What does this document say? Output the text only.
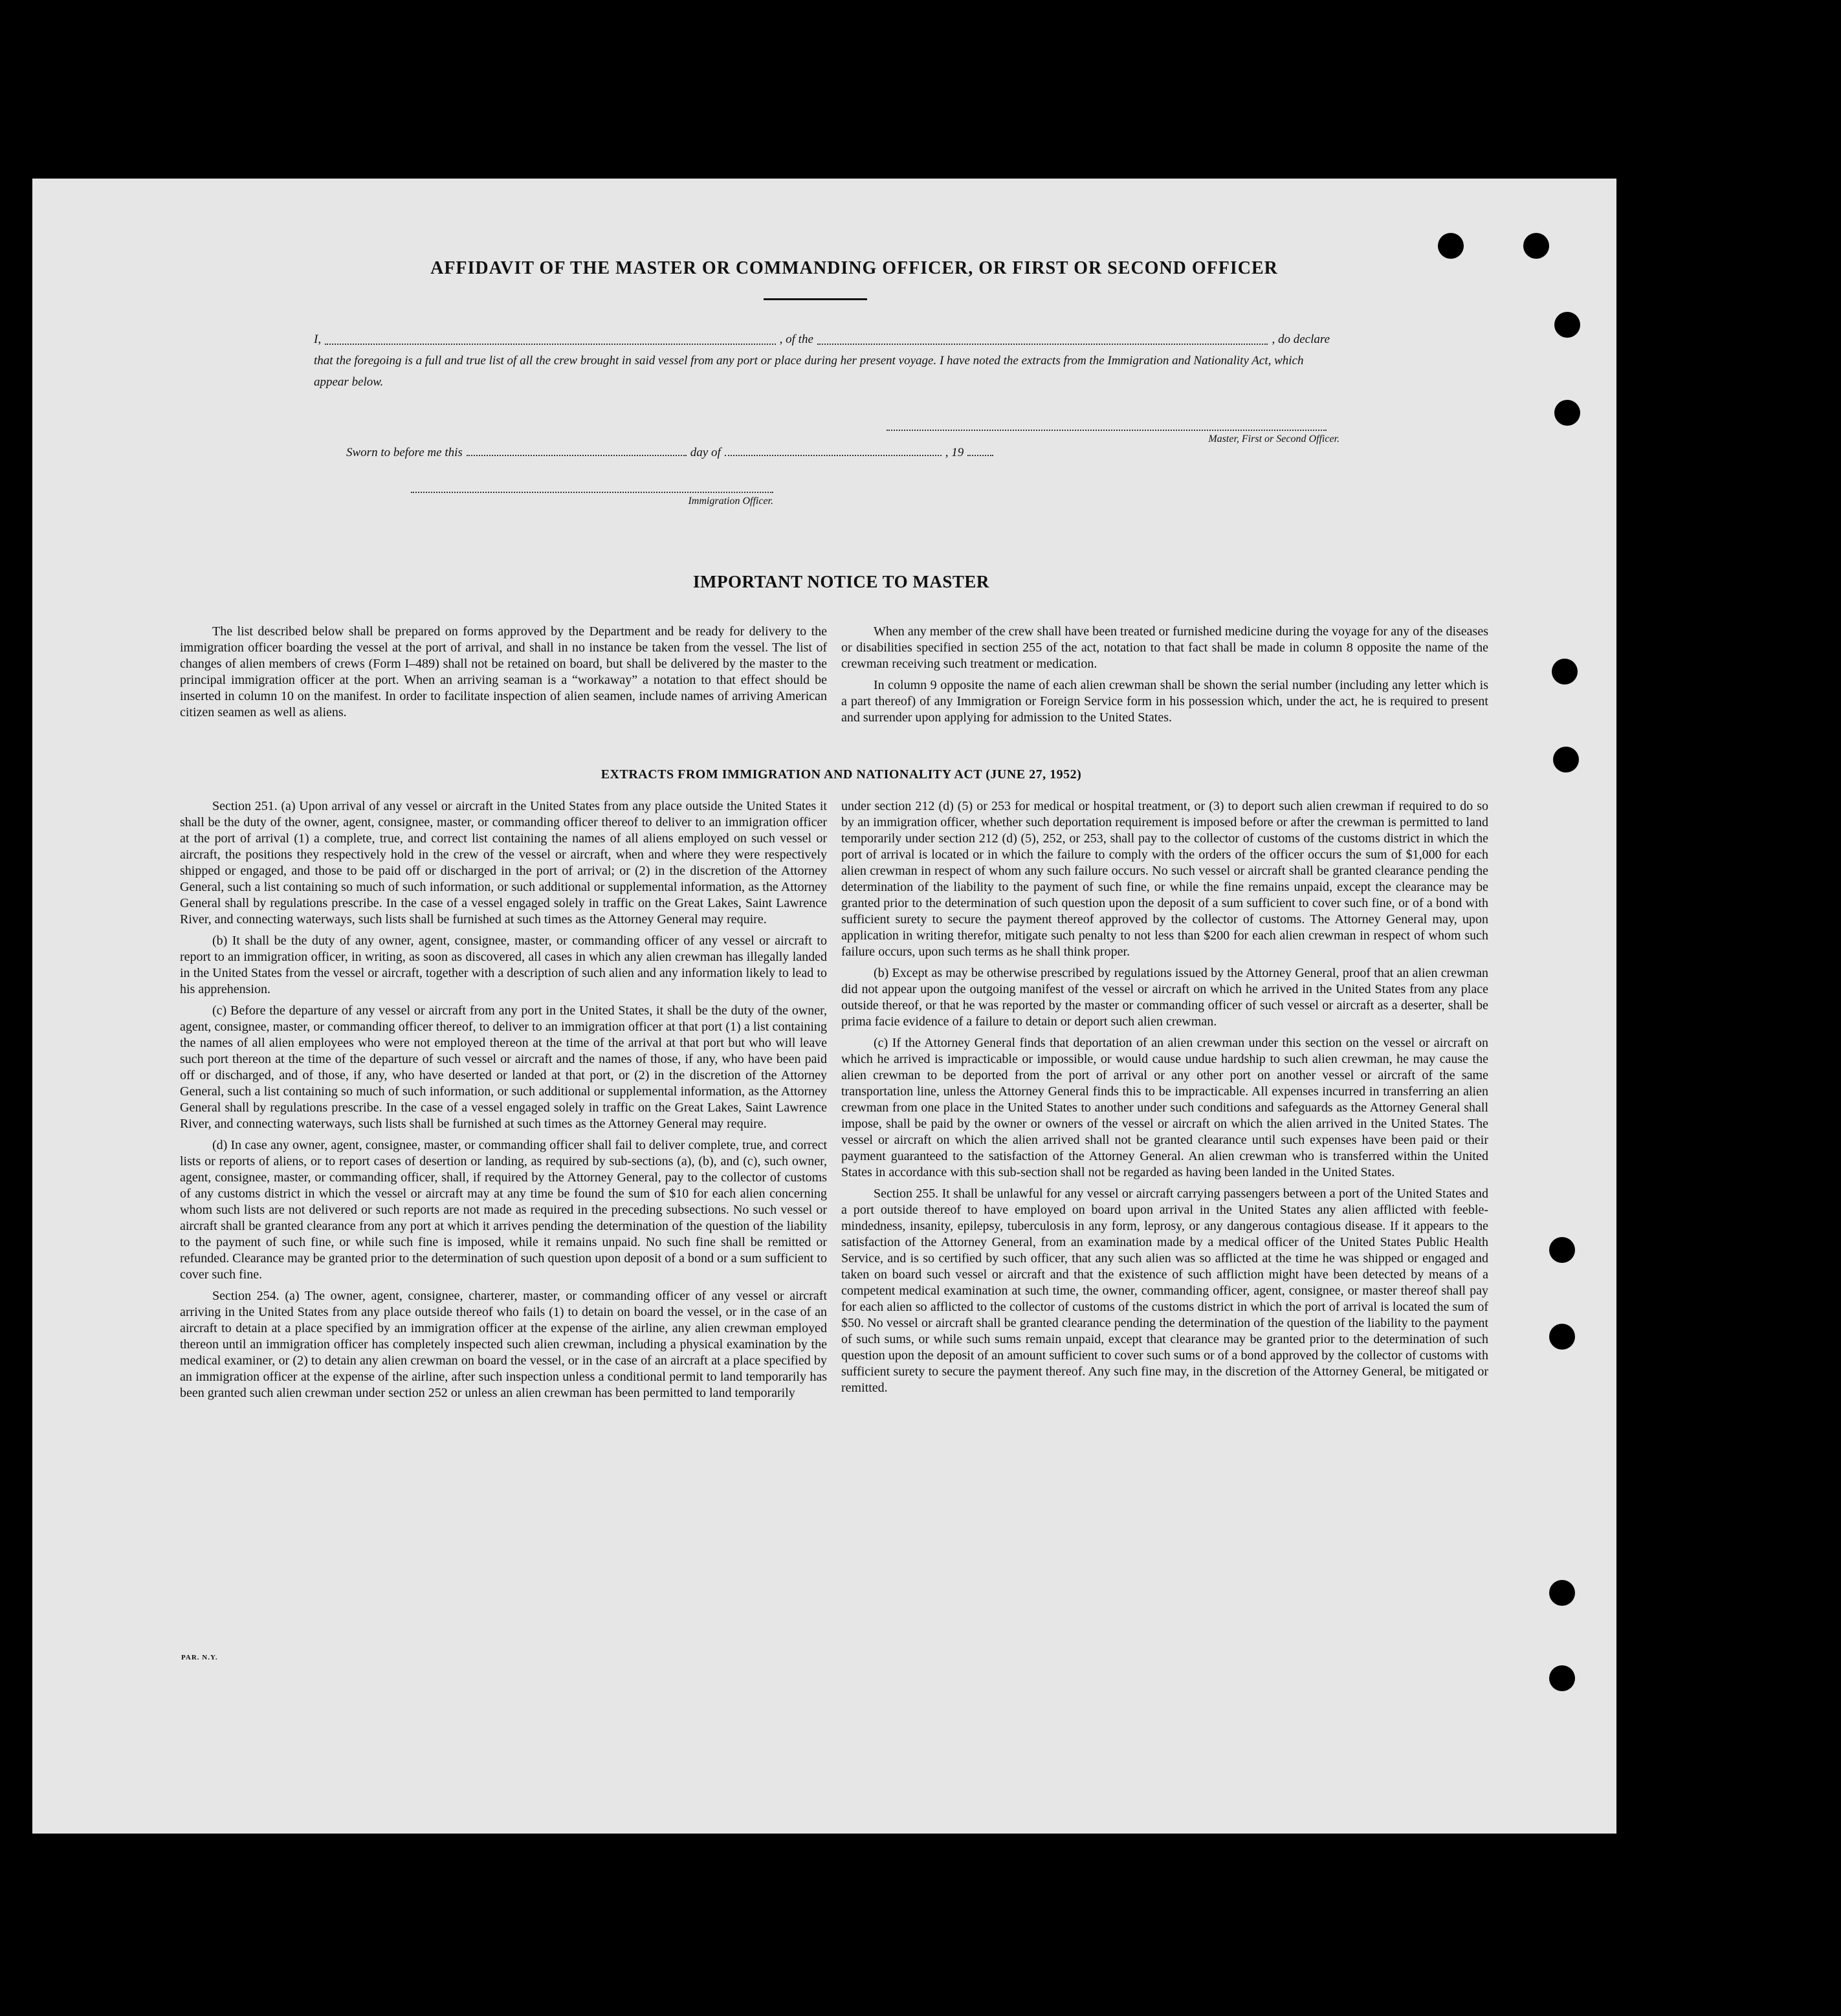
AFFIDAVIT OF THE MASTER OR COMMANDING OFFICER, OR FIRST OR SECOND OFFICER
I,	, of the	, do declare
that the foregoing is a full and true list of all the crew brought in said vessel from any port or place during her present voyage. I have noted the extracts from the Immigration and Nationality Act, which appear below.
Master, First or Second Officer.
Sworn to before me this	day of	, 19
Immigration Officer.
IMPORTANT NOTICE TO MASTER

The list described below shall be prepared on forms approved by the Department and be ready for delivery to the immigration officer boarding the vessel at the port of arrival, and shall in no instance be taken from the vessel. The list of changes of alien members of crews (Form I–489) shall not be retained on board, but shall be delivered by the master to the principal immigration officer at the port. When an arriving seaman is a “workaway” a notation to that effect should be inserted in column 10 on the manifest. In order to facilitate inspection of alien seamen, include names of arriving American citizen seamen as well as aliens.

When any member of the crew shall have been treated or furnished medicine during the voyage for any of the diseases or disabilities specified in section 255 of the act, notation to that fact shall be made in column 8 opposite the name of the crewman receiving such treatment or medication.

In column 9 opposite the name of each alien crewman shall be shown the serial number (including any letter which is a part thereof) of any Immigration or Foreign Service form in his possession which, under the act, he is required to present and surrender upon applying for admission to the United States.

EXTRACTS FROM IMMIGRATION AND NATIONALITY ACT (JUNE 27, 1952)

Section 251. (a) Upon arrival of any vessel or aircraft in the United States from any place outside the United States it shall be the duty of the owner, agent, consignee, master, or commanding officer thereof to deliver to an immigration officer at the port of arrival (1) a complete, true, and correct list containing the names of all aliens employed on such vessel or aircraft, the positions they respectively hold in the crew of the vessel or aircraft, when and where they were respectively shipped or engaged, and those to be paid off or discharged in the port of arrival; or (2) in the discretion of the Attorney General, such a list containing so much of such information, or such additional or supplemental information, as the Attorney General shall by regulations prescribe. In the case of a vessel engaged solely in traffic on the Great Lakes, Saint Lawrence River, and connecting waterways, such lists shall be furnished at such times as the Attorney General may require.

(b) It shall be the duty of any owner, agent, consignee, master, or commanding officer of any vessel or aircraft to report to an immigration officer, in writing, as soon as discovered, all cases in which any alien crewman has illegally landed in the United States from the vessel or aircraft, together with a description of such alien and any information likely to lead to his apprehension.

(c) Before the departure of any vessel or aircraft from any port in the United States, it shall be the duty of the owner, agent, consignee, master, or commanding officer thereof, to deliver to an immigration officer at that port (1) a list containing the names of all alien employees who were not employed thereon at the time of the arrival at that port but who will leave such port thereon at the time of the departure of such vessel or aircraft and the names of those, if any, who have been paid off or discharged, and of those, if any, who have deserted or landed at that port, or (2) in the discretion of the Attorney General, such a list containing so much of such information, or such additional or supplemental information, as the Attorney General shall by regulations prescribe. In the case of a vessel engaged solely in traffic on the Great Lakes, Saint Lawrence River, and connecting waterways, such lists shall be furnished at such times as the Attorney General may require.

(d) In case any owner, agent, consignee, master, or commanding officer shall fail to deliver complete, true, and correct lists or reports of aliens, or to report cases of desertion or landing, as required by sub-sections (a), (b), and (c), such owner, agent, consignee, master, or commanding officer, shall, if required by the Attorney General, pay to the collector of customs of any customs district in which the vessel or aircraft may at any time be found the sum of $10 for each alien concerning whom such lists are not delivered or such reports are not made as required in the preceding subsections. No such vessel or aircraft shall be granted clearance from any port at which it arrives pending the determination of the question of the liability to the payment of such fine, or while such fine is imposed, while it remains unpaid. No such fine shall be remitted or refunded. Clearance may be granted prior to the determination of such question upon deposit of a bond or a sum sufficient to cover such fine.

Section 254. (a) The owner, agent, consignee, charterer, master, or commanding officer of any vessel or aircraft arriving in the United States from any place outside thereof who fails (1) to detain on board the vessel, or in the case of an aircraft to detain at a place specified by an immigration officer at the expense of the airline, any alien crewman employed thereon until an immigration officer has completely inspected such alien crewman, including a physical examination by the medical examiner, or (2) to detain any alien crewman on board the vessel, or in the case of an aircraft at a place specified by an immigration officer at the expense of the airline, after such inspection unless a conditional permit to land temporarily has been granted such alien crewman under section 252 or unless an alien crewman has been permitted to land temporarily

under section 212 (d) (5) or 253 for medical or hospital treatment, or (3) to deport such alien crewman if required to do so by an immigration officer, whether such deportation requirement is imposed before or after the crewman is permitted to land temporarily under section 212 (d) (5), 252, or 253, shall pay to the collector of customs of the customs district in which the port of arrival is located or in which the failure to comply with the orders of the officer occurs the sum of $1,000 for each alien crewman in respect of whom any such failure occurs. No such vessel or aircraft shall be granted clearance pending the determination of the liability to the payment of such fine, or while the fine remains unpaid, except the clearance may be granted prior to the determination of such question upon the deposit of a sum sufficient to cover such fine, or of a bond with sufficient surety to secure the payment thereof approved by the collector of customs. The Attorney General may, upon application in writing therefor, mitigate such penalty to not less than $200 for each alien crewman in respect of whom such failure occurs, upon such terms as he shall think proper.

(b) Except as may be otherwise prescribed by regulations issued by the Attorney General, proof that an alien crewman did not appear upon the outgoing manifest of the vessel or aircraft on which he arrived in the United States from any place outside thereof, or that he was reported by the master or commanding officer of such vessel or aircraft as a deserter, shall be prima facie evidence of a failure to detain or deport such alien crewman.

(c) If the Attorney General finds that deportation of an alien crewman under this section on the vessel or aircraft on which he arrived is impracticable or impossible, or would cause undue hardship to such alien crewman, he may cause the alien crewman to be deported from the port of arrival or any other port on another vessel or aircraft of the same transportation line, unless the Attorney General finds this to be impracticable. All expenses incurred in transferring an alien crewman from one place in the United States to another under such conditions and safeguards as the Attorney General shall impose, shall be paid by the owner or owners of the vessel or aircraft on which the alien arrived in the United States. The vessel or aircraft on which the alien arrived shall not be granted clearance until such expenses have been paid or their payment guaranteed to the satisfaction of the Attorney General. An alien crewman who is transferred within the United States in accordance with this sub-section shall not be regarded as having been landed in the United States.

Section 255. It shall be unlawful for any vessel or aircraft carrying passengers between a port of the United States and a port outside thereof to have employed on board upon arrival in the United States any alien afflicted with feeble-mindedness, insanity, epilepsy, tuberculosis in any form, leprosy, or any dangerous contagious disease. If it appears to the satisfaction of the Attorney General, from an examination made by a medical officer of the United States Public Health Service, and is so certified by such officer, that any such alien was so afflicted at the time he was shipped or engaged and taken on board such vessel or aircraft and that the existence of such affliction might have been detected by means of a competent medical examination at such time, the owner, commanding officer, agent, consignee, or master thereof shall pay for each alien so afflicted to the collector of customs of the customs district in which the port of arrival is located the sum of $50. No vessel or aircraft shall be granted clearance pending the determination of the question of the liability to the payment of such sums, or while such sums remain unpaid, except that clearance may be granted prior to the determination of such question upon the deposit of an amount sufficient to cover such sums or of a bond approved by the collector of customs with sufficient surety to secure the payment thereof. Any such fine may, in the discretion of the Attorney General, be mitigated or remitted.

PAR. N.Y.
